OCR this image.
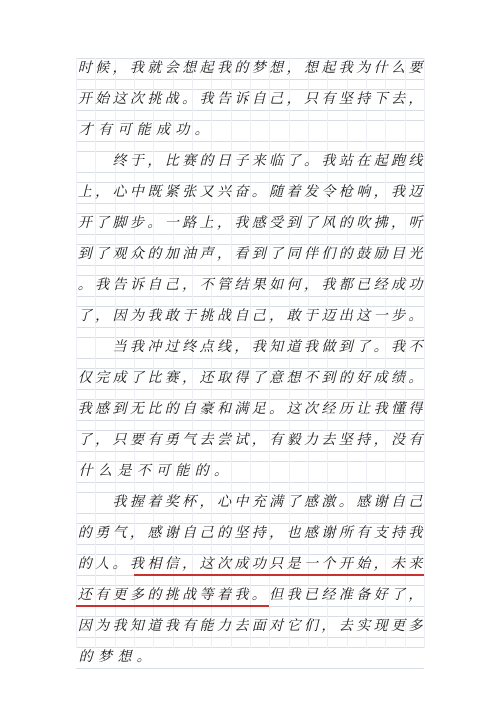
时 候 ， 我 就 会 想 起 我 的 梦 想 ， 想 起 我 为 什 么 要
开 始 这 次 挑 战 。 我 告 诉 自 己 ， 只 有 坚 持 下 去 ，
才 有 可 能 成 功 。
终 于 ， 比 赛 的 日 子 来 临 了 。 我 站 在 起 跑 线
上 ， 心 中 既 紧 张 又 兴 奋 。 随 着 发 令 枪 响 ， 我 迈
开 了 脚 步 。 一 路 上 ， 我 感 受 到 了 风 的 吹 拂 ， 听
到 了 观 众 的 加 油 声 ， 看 到 了 同 伴 们 的 鼓 励 目 光
。 我 告 诉 自 己 ， 不 管 结 果 如 何 ， 我 都 已 经 成 功
了 ， 因 为 我 敢 于 挑 战 自 己 ， 敢 于 迈 出 这 一 步 。
当 我 冲 过 终 点 线 ， 我 知 道 我 做 到 了 。 我 不
仅 完 成 了 比 赛 ， 还 取 得 了 意 想 不 到 的 好 成 绩 。
我 感 到 无 比 的 自 豪 和 满 足 。 这 次 经 历 让 我 懂 得
了 ， 只 要 有 勇 气 去 尝 试 ， 有 毅 力 去 坚 持 ， 没 有
什 么 是 不 可 能 的 。
我 握 着 奖 杯 ， 心 中 充 满 了 感 激 。 感 谢 自 己
的 勇 气 ， 感 谢 自 己 的 坚 持 ， 也 感 谢 所 有 支 持 我
的 人 。 我 相 信 ， 这 次 成 功 只 是 一 个 开 始 ， 未 来
还 有 更 多 的 挑 战 等 着 我 。 但 我 已 经 准 备 好 了 ，
因 为 我 知 道 我 有 能 力 去 面 对 它 们 ， 去 实 现 更 多
的 梦 想 。
